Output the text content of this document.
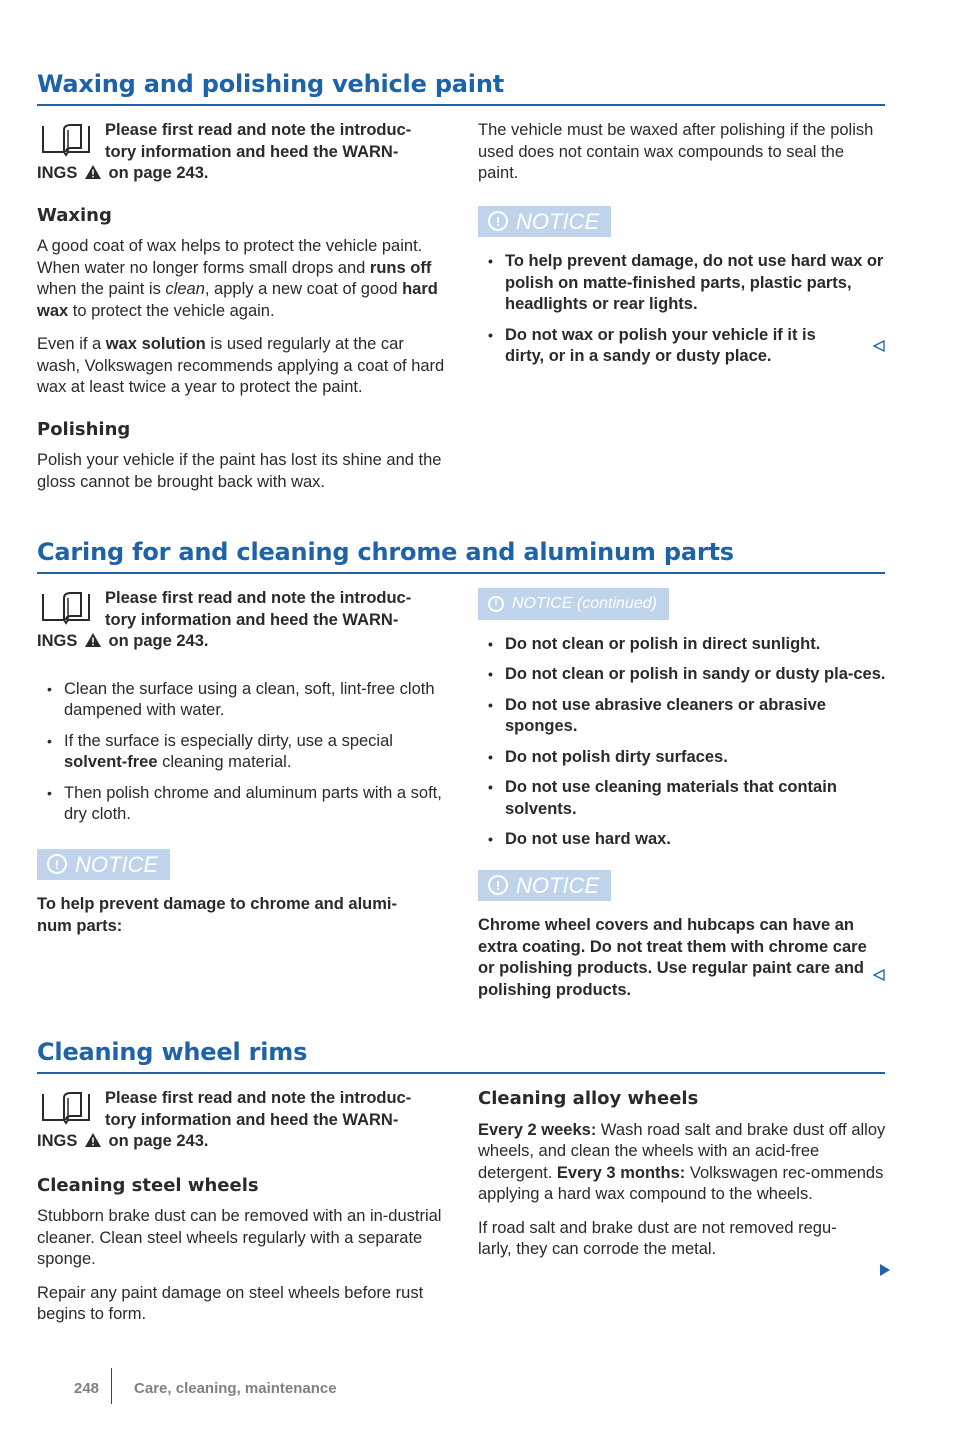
Waxing and polishing vehicle paint
Please first read and note the introduc-
tory information and heed the WARN-
INGS on page 243.
Waxing

A good coat of wax helps to protect the vehicle paint. When water no longer forms small drops and runs off when the paint is clean, apply a new coat of good hard wax to protect the vehicle again.

Even if a wax solution is used regularly at the car wash, Volkswagen recommends applying a coat of hard wax at least twice a year to protect the paint.

Polishing

Polish your vehicle if the paint has lost its shine and the gloss cannot be brought back with wax.

The vehicle must be waxed after polishing if the polish used does not contain wax compounds to seal the paint.

! NOTICE

• To help prevent damage, do not use hard wax or polish on matte-finished parts, plastic parts, headlights or rear lights.

• Do not wax or polish your vehicle if it is dirty, or in a sandy or dusty place.

Caring for and cleaning chrome and aluminum parts
Please first read and note the introduc-
tory information and heed the WARN-
INGS on page 243.

• Clean the surface using a clean, soft, lint-free cloth dampened with water.

• If the surface is especially dirty, use a special solvent-free cleaning material.

• Then polish chrome and aluminum parts with a soft, dry cloth.

! NOTICE

To help prevent damage to chrome and alumi-num parts:

! NOTICE (continued)

• Do not clean or polish in direct sunlight.

• Do not clean or polish in sandy or dusty pla-ces.

• Do not use abrasive cleaners or abrasive sponges.

• Do not polish dirty surfaces.

• Do not use cleaning materials that contain solvents.

• Do not use hard wax.

! NOTICE

Chrome wheel covers and hubcaps can have an extra coating. Do not treat them with chrome care or polishing products. Use regular paint care and polishing products.

Cleaning wheel rims
Please first read and note the introduc-
tory information and heed the WARN-
INGS on page 243.
Cleaning steel wheels

Stubborn brake dust can be removed with an in-dustrial cleaner. Clean steel wheels regularly with a separate sponge.

Repair any paint damage on steel wheels before rust begins to form.

Cleaning alloy wheels

Every 2 weeks: Wash road salt and brake dust off alloy wheels, and clean the wheels with an acid-free detergent. Every 3 months: Volkswagen rec-ommends applying a hard wax compound to the wheels.

If road salt and brake dust are not removed regu-larly, they can corrode the metal.

248 Care, cleaning, maintenance
